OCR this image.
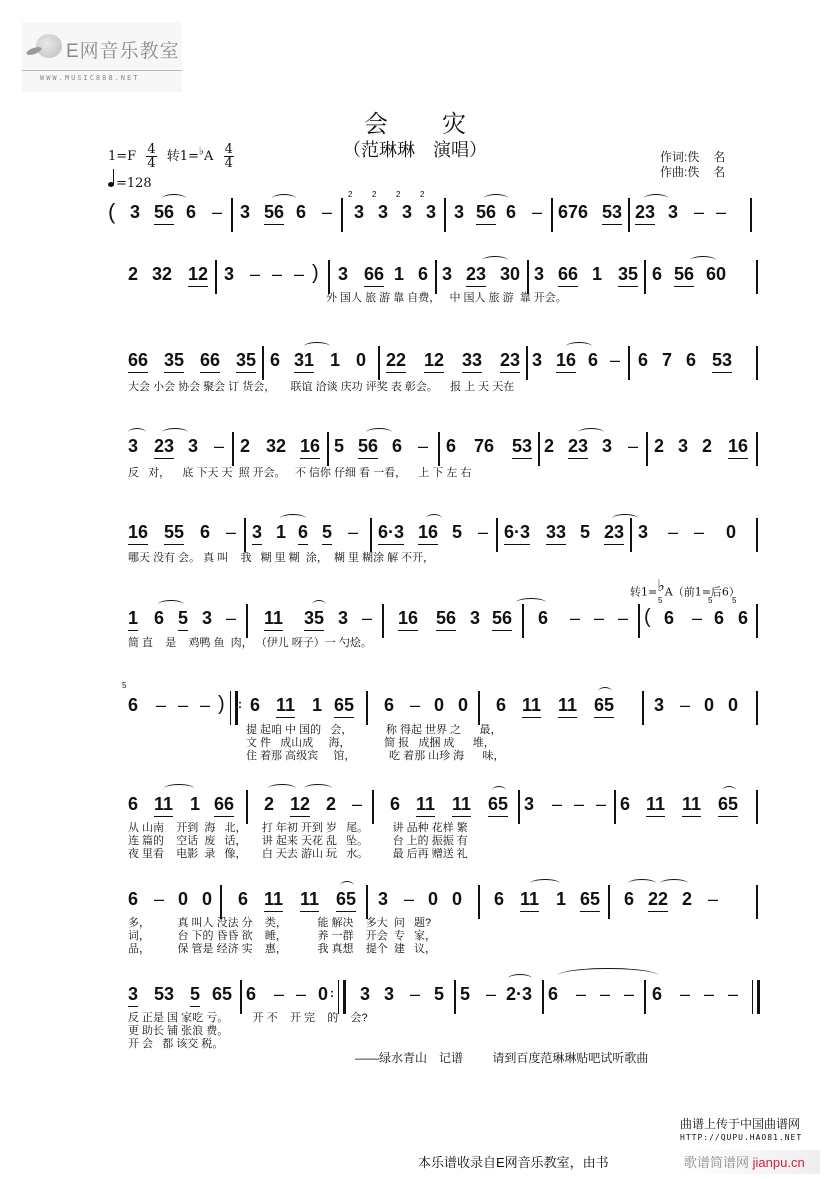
E网音乐教室
WWW.MUSIC888.NET
会灾
（范琳琳　演唱）
$1=F \frac{4}{4}$ 转$1=^♭A \frac{4}{4}$
=128
作词:佚 名
作曲:佚 名
( 3 56 6 – 3 56 6 – 3 3 3 3 3 56 6 – 676 53 23 3 – –
2 2 2 2
2 32 12 3 – – – ) 3 66 1 6 3 23 30 3 66 1 35 6 56 60
外 国人 旅 游 靠 自费，   中 国人 旅 游  靠 开会。
66 35 66 35 6 31 1 0 22 12 33 23 3 16 6 – 6 7 6 53
大会 小会 协会 聚会 订 货会，     联谊 洽谈 庆功 评奖 表 彰会。    报 上 天 天在
3 23 3 – 2 32 16 5 56 6 – 6 76 53 2 23 3 – 2 3 2 16
反   对，    底 下天 天  照 开会。   不 信你 仔细 看 一看，    上 下 左 右
16 55 6 – 3 1 6 5 – 6·3 16 5 – 6·3 33 5 23 3 – – 0
哪天 没有 会。 真 叫    我   糊 里 糊  涂，  糊 里 糊涂 解 不开，
转1=♭A（前1=后6）
1 6 5 3 – 11 35 3 – 16 56 3 56 6 – – – ( 6 – 6 6
5	5 5
简 直    是    鸡鸭 鱼  肉， （伊儿 呀子）一 勺烩。
6 – – – ) : 6 11 1 65 6 – 0 0 6 11 11 65 3 – 0 0
5
提 起咱 中 国的   会，           称 得起 世界 之      最，
文 件   成山成     海，           简 报   成捆 成      堆，
住 着那 高级宾     馆，           吃 着那 山珍 海      味，
6 11 1 66 2 12 2 – 6 11 11 65 3 – – – 6 11 11 65
从 山南    开到  海   北，     打 年初 开到 岁   尾。        讲 品种 花样 繁
连 篇的    空话  废   话，     讲 起来 天花 乱   坠。        台 上的 振振 有
夜 里看    电影  录   像，     白 天去 游山 玩   水。        最 后再 赠送 礼
6 – 0 0 6 11 11 65 3 – 0 0 6 11 1 65 6 22 2 –
多，         真 叫人 没法 分    类，          能 解决    多大  问   题?
词，         台 下的 昏昏 欲    睡，          养 一群    开会  专   家，
品，         保 管是 经济 实    惠，          我 真想    提个  建   议，
3 53 5 65 6 – – 0 : 3 3 – 5 5 – 2·3 6 – – – 6 – – –
反 正是 国 家吃 亏。        开 不    开 完    的    会?
更 助长 铺 张浪 费。
开 会   都 该交 税。
——绿水青山　记谱 请到百度范琳琳贴吧试听歌曲
曲谱上传于中国曲谱网
HTTP://QUPU.HAO81.NET
本乐谱收录自E网音乐教室，由书	歌谱简谱网 jianpu.cn
